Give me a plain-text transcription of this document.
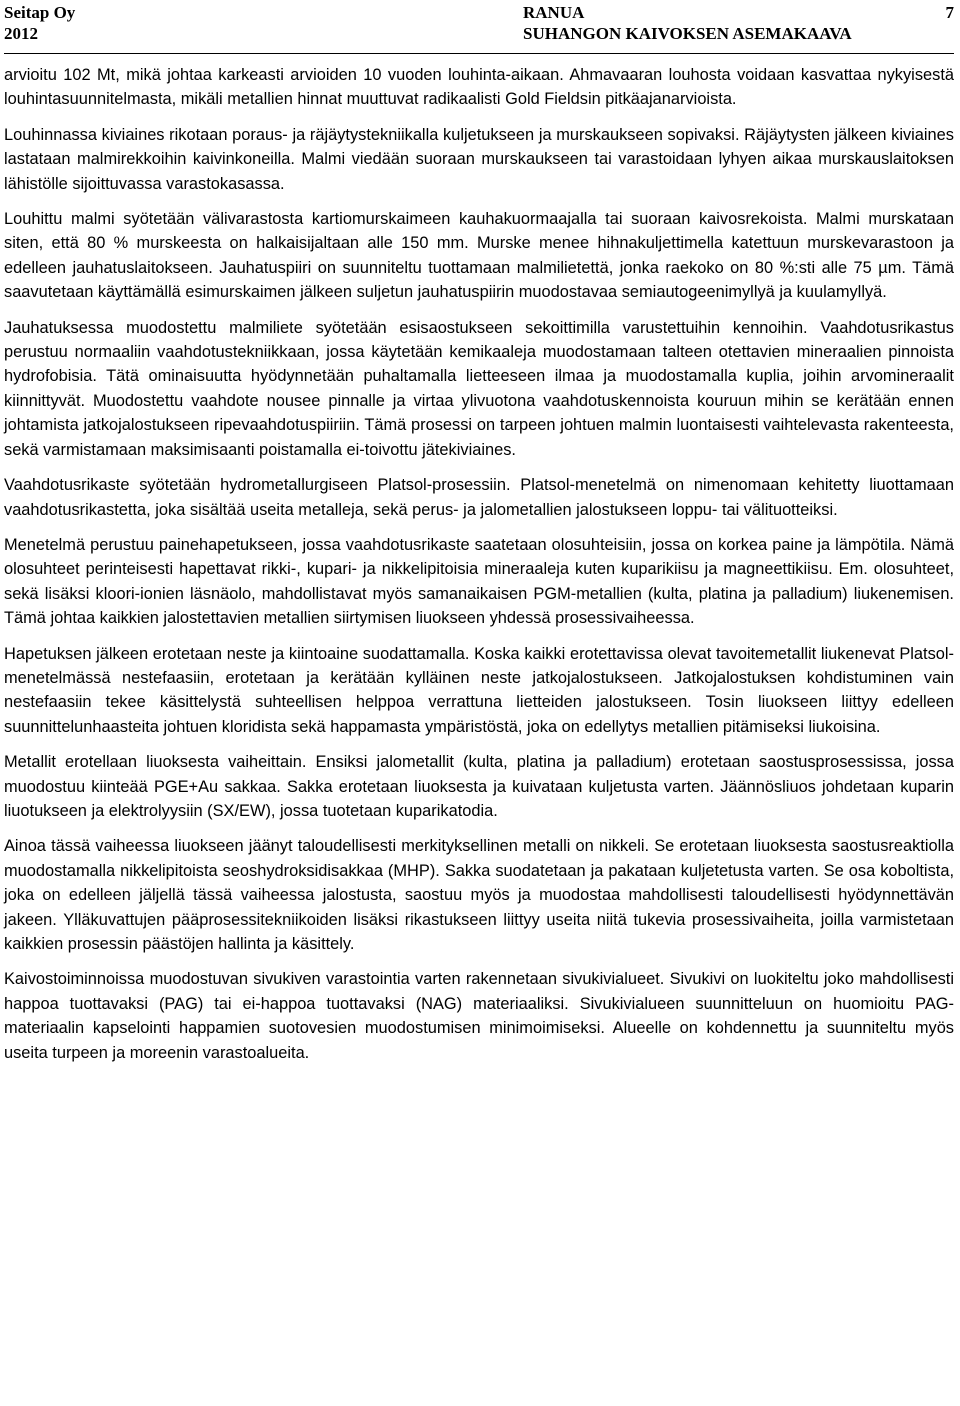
Seitap Oy
2012
RANUA
SUHANGON KAIVOKSEN ASEMAKAAVA
7

arvioitu 102 Mt, mikä johtaa karkeasti arvioiden 10 vuoden louhinta-aikaan. Ahmavaaran louhosta voidaan kasvattaa nykyisestä louhintasuunnitelmasta, mikäli metallien hinnat muuttuvat radikaalisti Gold Fieldsin pitkäajanarvioista.

Louhinnassa kiviaines rikotaan poraus- ja räjäytystekniikalla kuljetukseen ja murskaukseen sopivaksi. Räjäytysten jälkeen kiviaines lastataan malmirekkoihin kaivinkoneilla. Malmi viedään suoraan murskaukseen tai varastoidaan lyhyen aikaa murskauslaitoksen lähistölle sijoittuvassa varastokasassa.

Louhittu malmi syötetään välivarastosta kartiomurskaimeen kauhakuormaajalla tai suoraan kaivosrekoista. Malmi murskataan siten, että 80 % murskeesta on halkaisijaltaan alle 150 mm. Murske menee hihnakuljettimella katettuun murskevarastoon ja edelleen jauhatuslaitokseen. Jauhatuspiiri on suunniteltu tuottamaan malmilietettä, jonka raekoko on 80 %:sti alle 75 µm. Tämä saavutetaan käyttämällä esimurskaimen jälkeen suljetun jauhatuspiirin muodostavaa semiautogeenimyllyä ja kuulamyllyä.

Jauhatuksessa muodostettu malmiliete syötetään esisaostukseen sekoittimilla varustettuihin kennoihin. Vaahdotusrikastus perustuu normaaliin vaahdotustekniikkaan, jossa käytetään kemikaaleja muodostamaan talteen otettavien mineraalien pinnoista hydrofobisia. Tätä ominaisuutta hyödynnetään puhaltamalla lietteeseen ilmaa ja muodostamalla kuplia, joihin arvomineraalit kiinnittyvät. Muodostettu vaahdote nousee pinnalle ja virtaa ylivuotona vaahdotuskennoista kouruun mihin se kerätään ennen johtamista jatkojalostukseen ripevaahdotuspiiriin. Tämä prosessi on tarpeen johtuen malmin luontaisesti vaihtelevasta rakenteesta, sekä varmistamaan maksimisaanti poistamalla ei-toivottu jätekiviaines.

Vaahdotusrikaste syötetään hydrometallurgiseen Platsol-prosessiin. Platsol-menetelmä on nimenomaan kehitetty liuottamaan vaahdotusrikastetta, joka sisältää useita metalleja, sekä perus- ja jalometallien jalostukseen loppu- tai välituotteiksi.

Menetelmä perustuu painehapetukseen, jossa vaahdotusrikaste saatetaan olosuhteisiin, jossa on korkea paine ja lämpötila. Nämä olosuhteet perinteisesti hapettavat rikki-, kupari- ja nikkelipitoisia mineraaleja kuten kuparikiisu ja magneettikiisu. Em. olosuhteet, sekä lisäksi kloori-ionien läsnäolo, mahdollistavat myös samanaikaisen PGM-metallien (kulta, platina ja palladium) liukenemisen. Tämä johtaa kaikkien jalostettavien metallien siirtymisen liuokseen yhdessä prosessivaiheessa.

Hapetuksen jälkeen erotetaan neste ja kiintoaine suodattamalla. Koska kaikki erotettavissa olevat tavoitemetallit liukenevat Platsol-menetelmässä nestefaasiin, erotetaan ja kerätään kylläinen neste jatkojalostukseen. Jatkojalostuksen kohdistuminen vain nestefaasiin tekee käsittelystä suhteellisen helppoa verrattuna lietteiden jalostukseen. Tosin liuokseen liittyy edelleen suunnittelunhaasteita johtuen kloridista sekä happamasta ympäristöstä, joka on edellytys metallien pitämiseksi liukoisina.

Metallit erotellaan liuoksesta vaiheittain. Ensiksi jalometallit (kulta, platina ja palladium) erotetaan saostusprosessissa, jossa muodostuu kiinteää PGE+Au sakkaa. Sakka erotetaan liuoksesta ja kuivataan kuljetusta varten. Jäännösliuos johdetaan kuparin liuotukseen ja elektrolyysiin (SX/EW), jossa tuotetaan kuparikatodia.

Ainoa tässä vaiheessa liuokseen jäänyt taloudellisesti merkityksellinen metalli on nikkeli. Se erotetaan liuoksesta saostusreaktiolla muodostamalla nikkelipitoista seoshydroksidisakkaa (MHP). Sakka suodatetaan ja pakataan kuljetetusta varten. Se osa koboltista, joka on edelleen jäljellä tässä vaiheessa jalostusta, saostuu myös ja muodostaa mahdollisesti taloudellisesti hyödynnettävän jakeen. Ylläkuvattujen pääprosessitekniikoiden lisäksi rikastukseen liittyy useita niitä tukevia prosessivaiheita, joilla varmistetaan kaikkien prosessin päästöjen hallinta ja käsittely.

Kaivostoiminnoissa muodostuvan sivukiven varastointia varten rakennetaan sivukivialueet. Sivukivi on luokiteltu joko mahdollisesti happoa tuottavaksi (PAG) tai ei-happoa tuottavaksi (NAG) materiaaliksi. Sivukivialueen suunnitteluun on huomioitu PAG-materiaalin kapselointi happamien suotovesien muodostumisen minimoimiseksi. Alueelle on kohdennettu ja suunniteltu myös useita turpeen ja moreenin varastoalueita.
